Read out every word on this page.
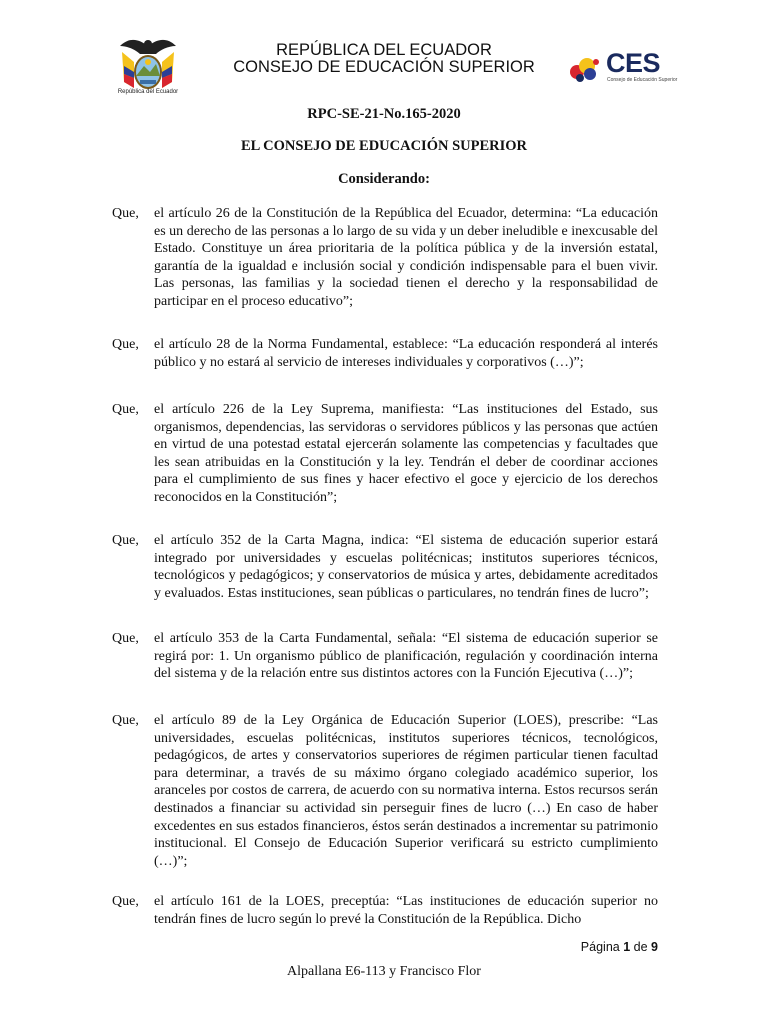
República del Ecuador
REPÚBLICA DEL ECUADOR
CONSEJO DE EDUCACIÓN SUPERIOR	CES
Consejo de Educación Superior
RPC-SE-21-No.165-2020
EL CONSEJO DE EDUCACIÓN SUPERIOR
Considerando:
Que,	el artículo 26 de la Constitución de la República del Ecuador, determina: “La educación es un derecho de las personas a lo largo de su vida y un deber ineludible e inexcusable del Estado. Constituye un área prioritaria de la política pública y de la inversión estatal, garantía de la igualdad e inclusión social y condición indispensable para el buen vivir. Las personas, las familias y la sociedad tienen el derecho y la responsabilidad de participar en el proceso educativo”;
Que,	el artículo 28 de la Norma Fundamental, establece: “La educación responderá al interés público y no estará al servicio de intereses individuales y corporativos (…)”;
Que,	el artículo 226 de la Ley Suprema, manifiesta: “Las instituciones del Estado, sus organismos, dependencias, las servidoras o servidores públicos y las personas que actúen en virtud de una potestad estatal ejercerán solamente las competencias y facultades que les sean atribuidas en la Constitución y la ley. Tendrán el deber de coordinar acciones para el cumplimiento de sus fines y hacer efectivo el goce y ejercicio de los derechos reconocidos en la Constitución”;
Que,	el artículo 352 de la Carta Magna, indica: “El sistema de educación superior estará integrado por universidades y escuelas politécnicas; institutos superiores técnicos, tecnológicos y pedagógicos; y conservatorios de música y artes, debidamente acreditados y evaluados. Estas instituciones, sean públicas o particulares, no tendrán fines de lucro”;
Que,	el artículo 353 de la Carta Fundamental, señala: “El sistema de educación superior se regirá por: 1. Un organismo público de planificación, regulación y coordinación interna del sistema y de la relación entre sus distintos actores con la Función Ejecutiva (…)”;
Que,	el artículo 89 de la Ley Orgánica de Educación Superior (LOES), prescribe: “Las universidades, escuelas politécnicas, institutos superiores técnicos, tecnológicos, pedagógicos, de artes y conservatorios superiores de régimen particular tienen facultad para determinar, a través de su máximo órgano colegiado académico superior, los aranceles por costos de carrera, de acuerdo con su normativa interna. Estos recursos serán destinados a financiar su actividad sin perseguir fines de lucro (…) En caso de haber excedentes en sus estados financieros, éstos serán destinados a incrementar su patrimonio institucional. El Consejo de Educación Superior verificará su estricto cumplimiento (…)”;
Que,	el artículo 161 de la LOES, preceptúa: “Las instituciones de educación superior no tendrán fines de lucro según lo prevé la Constitución de la República. Dicho
Página 1 de 9
Alpallana E6-113 y Francisco Flor
